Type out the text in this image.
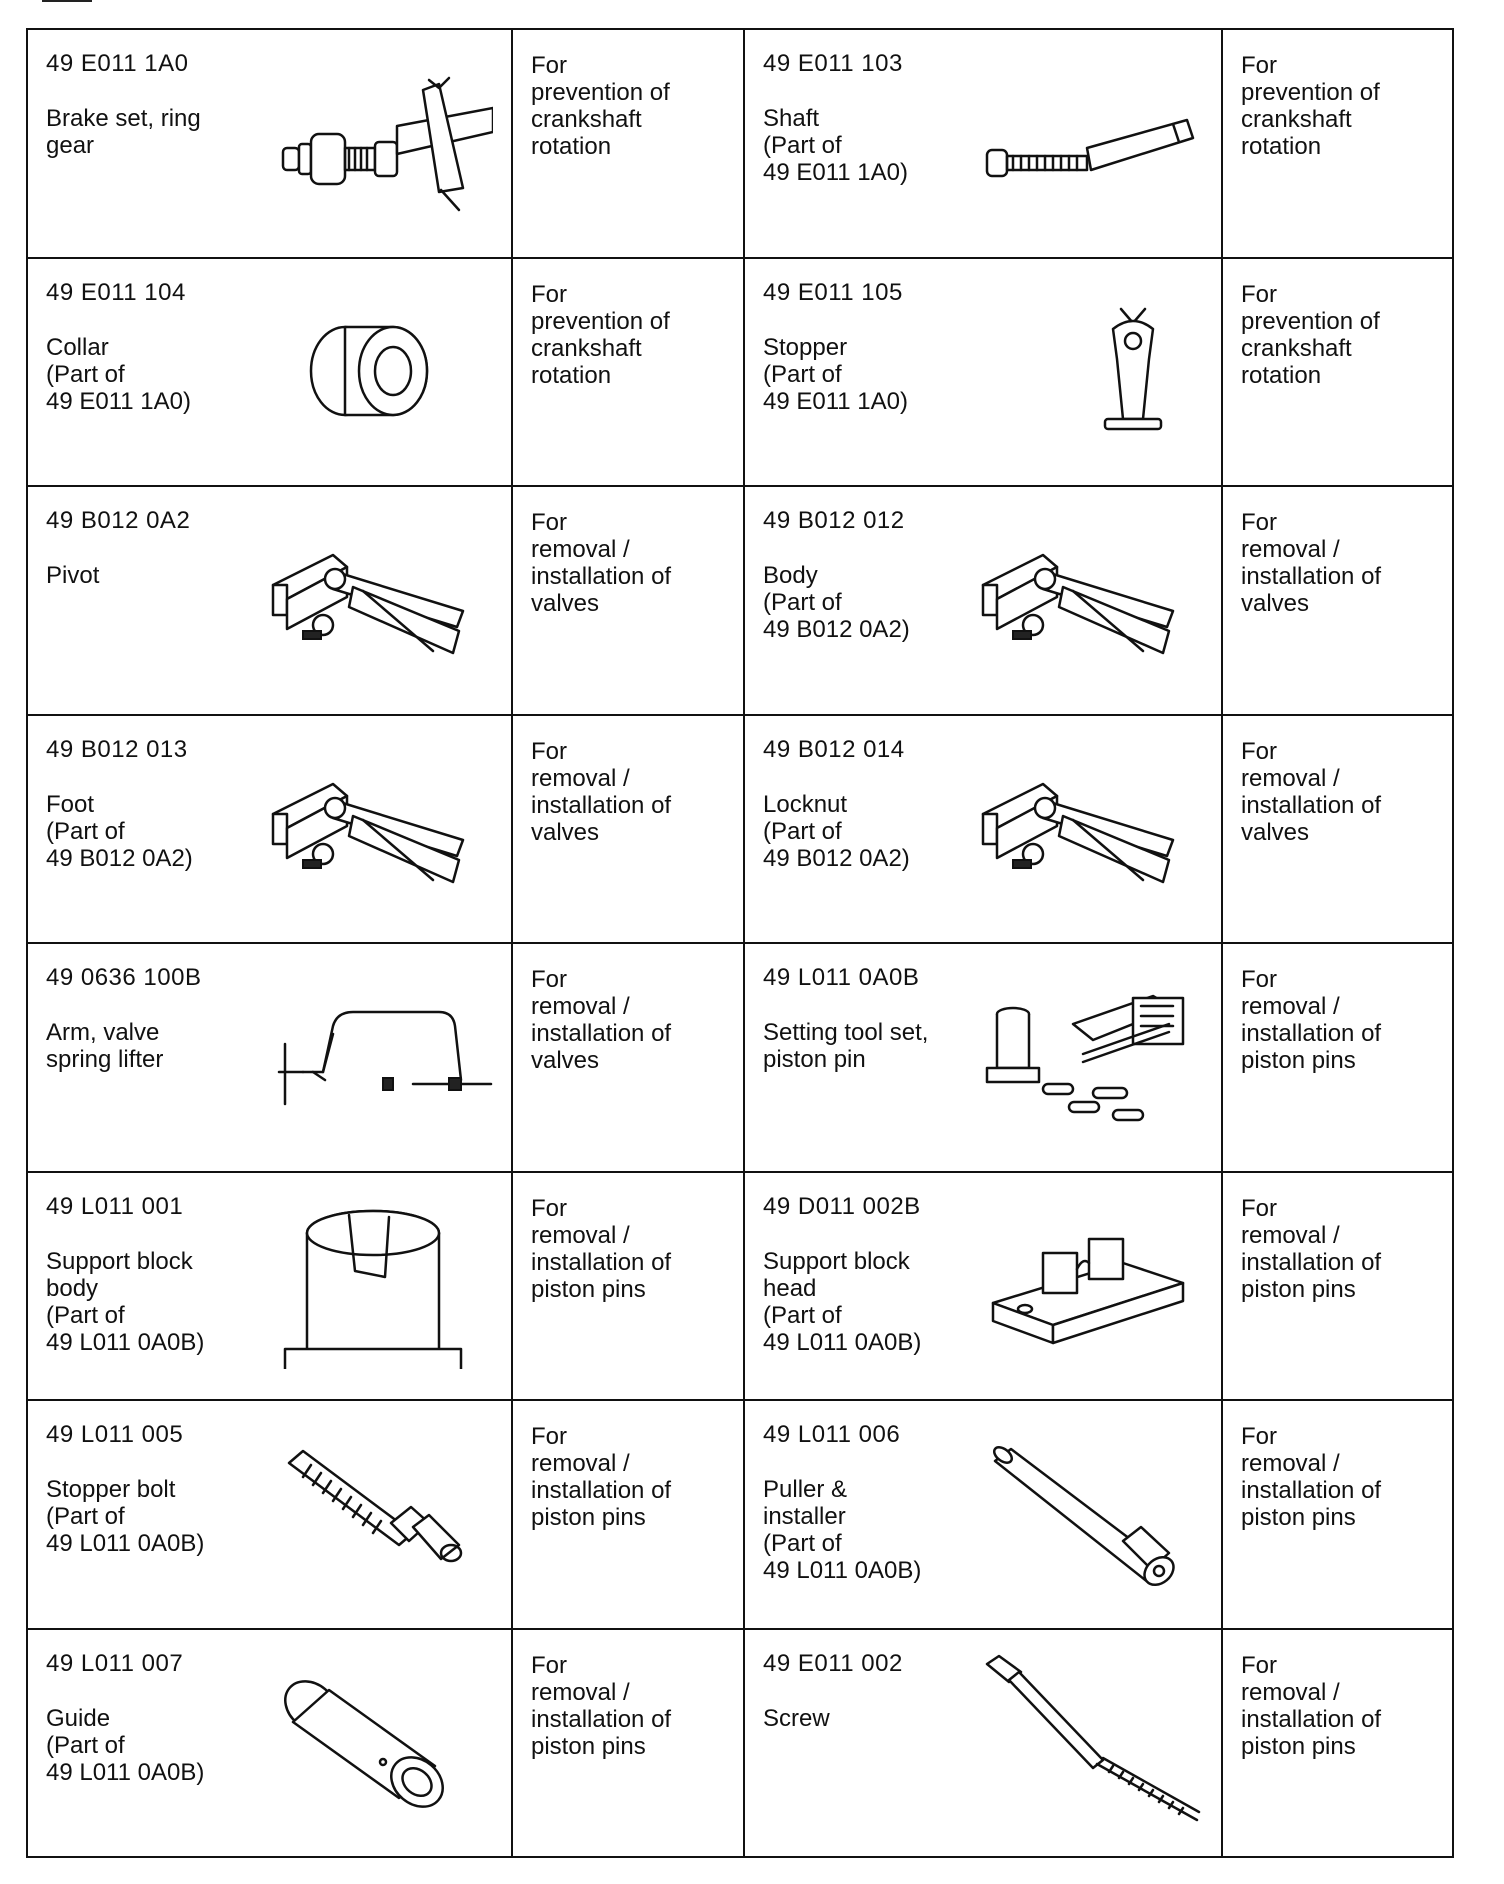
49 E011 1A0
Brake set, ring
gear	For
prevention of
crankshaft
rotation	49 E011 103
Shaft
(Part of
49 E011 1A0)	For
prevention of
crankshaft
rotation

49 E011 104
Collar
(Part of
49 E011 1A0)	For
prevention of
crankshaft
rotation	49 E011 105
Stopper
(Part of
49 E011 1A0)	For
prevention of
crankshaft
rotation

49 B012 0A2
Pivot	For
removal /
installation of
valves	49 B012 012
Body
(Part of
49 B012 0A2)	For
removal /
installation of
valves

49 B012 013
Foot
(Part of
49 B012 0A2)	For
removal /
installation of
valves	49 B012 014
Locknut
(Part of
49 B012 0A2)	For
removal /
installation of
valves

49 0636 100B
Arm, valve
spring lifter	For
removal /
installation of
valves	49 L011 0A0B
Setting tool set,
piston pin	For
removal /
installation of
piston pins

49 L011 001
Support block
body
(Part of
49 L011 0A0B)	For
removal /
installation of
piston pins	49 D011 002B
Support block
head
(Part of
49 L011 0A0B)	For
removal /
installation of
piston pins

49 L011 005
Stopper bolt
(Part of
49 L011 0A0B)	For
removal /
installation of
piston pins	49 L011 006
Puller &
installer
(Part of
49 L011 0A0B)	For
removal /
installation of
piston pins

49 L011 007
Guide
(Part of
49 L011 0A0B)	For
removal /
installation of
piston pins	49 E011 002
Screw	For
removal /
installation of
piston pins
